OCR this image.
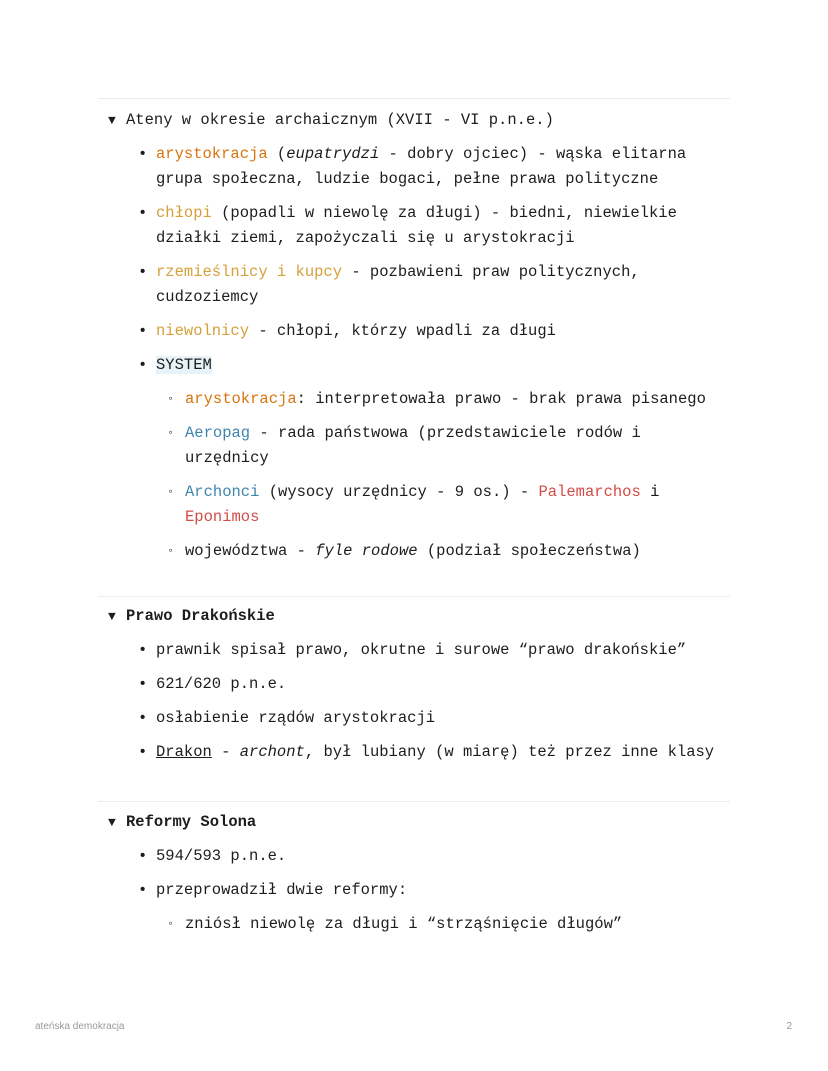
▼ Ateny w okresie archaicznym (XVII - VI p.n.e.)
• arystokracja (eupatrydzi - dobry ojciec) - wąska elitarna grupa społeczna, ludzie bogaci, pełne prawa polityczne
• chłopi (popadli w niewolę za długi) - biedni, niewielkie działki ziemi, zapożyczali się u arystokracji
• rzemieślnicy i kupcy - pozbawieni praw politycznych, cudzoziemcy
• niewolnicy - chłopi, którzy wpadli za długi
• SYSTEM
◦ arystokracja: interpretowała prawo - brak prawa pisanego
◦ Aeropag - rada państwowa (przedstawiciele rodów i urzędnicy
◦ Archonci (wysocy urzędnicy - 9 os.) - Palemarchos i Eponimos
◦ województwa - fyle rodowe (podział społeczeństwa)
▼ Prawo Drakońskie
• prawnik spisał prawo, okrutne i surowe “prawo drakońskie”
• 621/620 p.n.e.
• osłabienie rządów arystokracji
• Drakon - archont, był lubiany (w miarę) też przez inne klasy
▼ Reformy Solona
• 594/593 p.n.e.
• przeprowadził dwie reformy:
◦ zniósł niewolę za długi i “strząśnięcie długów”
ateńska demokracja	2
